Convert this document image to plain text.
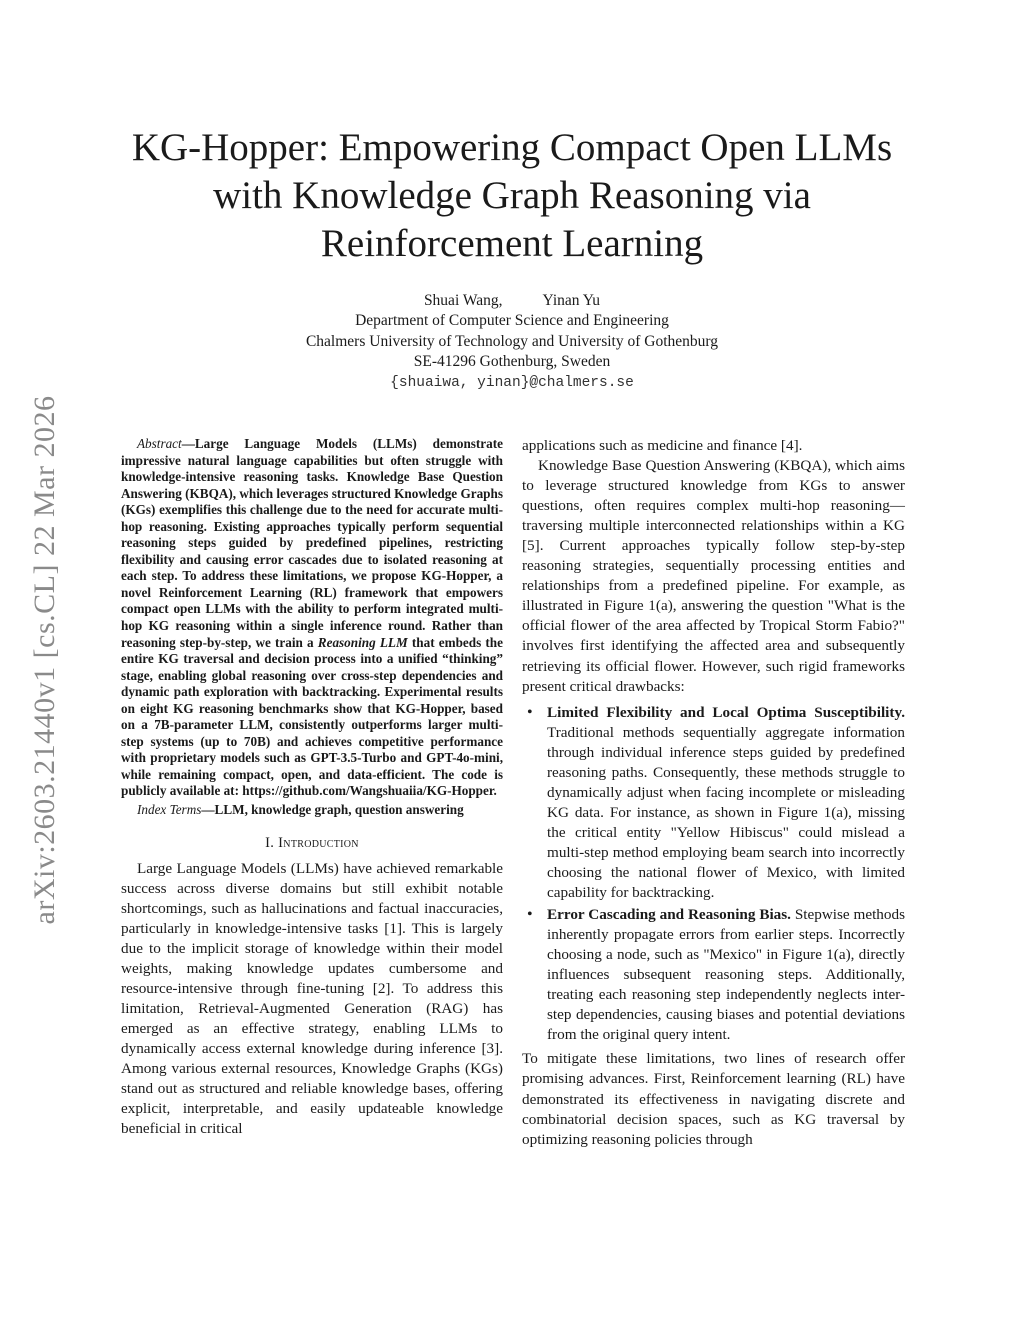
arXiv:2603.21440v1 [cs.CL] 22 Mar 2026
KG-Hopper: Empowering Compact Open LLMs
with Knowledge Graph Reasoning via
Reinforcement Learning
Shuai Wang,	Yinan Yu
Department of Computer Science and Engineering
Chalmers University of Technology and University of Gothenburg
SE-41296 Gothenburg, Sweden
{shuaiwa, yinan}@chalmers.se

Abstract—Large Language Models (LLMs) demonstrate impressive natural language capabilities but often struggle with knowledge-intensive reasoning tasks. Knowledge Base Question Answering (KBQA), which leverages structured Knowledge Graphs (KGs) exemplifies this challenge due to the need for accurate multi-hop reasoning. Existing approaches typically perform sequential reasoning steps guided by predefined pipelines, restricting flexibility and causing error cascades due to isolated reasoning at each step. To address these limitations, we propose KG-Hopper, a novel Reinforcement Learning (RL) framework that empowers compact open LLMs with the ability to perform integrated multi-hop KG reasoning within a single inference round. Rather than reasoning step-by-step, we train a Reasoning LLM that embeds the entire KG traversal and decision process into a unified “thinking” stage, enabling global reasoning over cross-step dependencies and dynamic path exploration with backtracking. Experimental results on eight KG reasoning benchmarks show that KG-Hopper, based on a 7B-parameter LLM, consistently outperforms larger multi-step systems (up to 70B) and achieves competitive performance with proprietary models such as GPT-3.5-Turbo and GPT-4o-mini, while remaining compact, open, and data-efficient. The code is publicly available at: https://github.com/Wangshuaiia/KG-Hopper.

Index Terms—LLM, knowledge graph, question answering

I. Introduction

Large Language Models (LLMs) have achieved remarkable success across diverse domains but still exhibit notable shortcomings, such as hallucinations and factual inaccuracies, particularly in knowledge-intensive tasks [1]. This is largely due to the implicit storage of knowledge within their model weights, making knowledge updates cumbersome and resource-intensive through fine-tuning [2]. To address this limitation, Retrieval-Augmented Generation (RAG) has emerged as an effective strategy, enabling LLMs to dynamically access external knowledge during inference [3]. Among various external resources, Knowledge Graphs (KGs) stand out as structured and reliable knowledge bases, offering explicit, interpretable, and easily updateable knowledge beneficial in critical

applications such as medicine and finance [4].

Knowledge Base Question Answering (KBQA), which aims to leverage structured knowledge from KGs to answer questions, often requires complex multi-hop reasoning—traversing multiple interconnected relationships within a KG [5]. Current approaches typically follow step-by-step reasoning strategies, sequentially processing entities and relationships from a predefined pipeline. For example, as illustrated in Figure 1(a), answering the question "What is the official flower of the area affected by Tropical Storm Fabio?" involves first identifying the affected area and subsequently retrieving its official flower. However, such rigid frameworks present critical drawbacks:

• Limited Flexibility and Local Optima Susceptibility. Traditional methods sequentially aggregate information through individual inference steps guided by predefined reasoning paths. Consequently, these methods struggle to dynamically adjust when facing incomplete or misleading KG data. For instance, as shown in Figure 1(a), missing the critical entity "Yellow Hibiscus" could mislead a multi-step method employing beam search into incorrectly choosing the national flower of Mexico, with limited capability for backtracking.
• Error Cascading and Reasoning Bias. Stepwise methods inherently propagate errors from earlier steps. Incorrectly choosing a node, such as "Mexico" in Figure 1(a), directly influences subsequent reasoning steps. Additionally, treating each reasoning step independently neglects inter-step dependencies, causing biases and potential deviations from the original query intent.

To mitigate these limitations, two lines of research offer promising advances. First, Reinforcement learning (RL) have demonstrated its effectiveness in navigating discrete and combinatorial decision spaces, such as KG traversal by optimizing reasoning policies through
